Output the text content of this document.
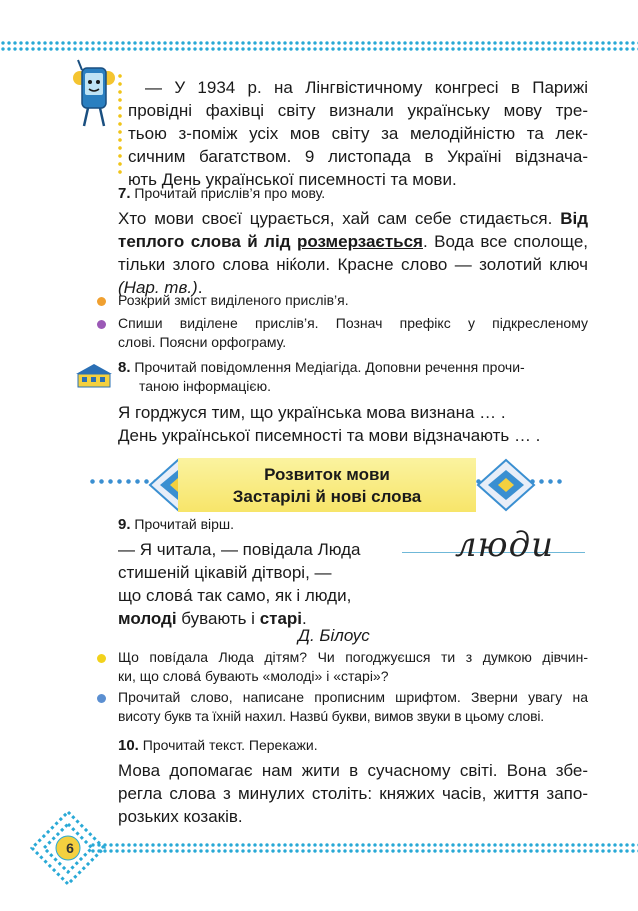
— У 1934 р. на Лінгвістичному конгресі в Парижі
провідні фахівці світу визнали українську мову тре-
тьою з-поміж усіх мов світу за мелодійністю та лек-
сичним багатством. 9 листопада в Україні відзнача-
ють День української писемності та мови.
7. Прочитай прислів’я про мову.
Хто мови своєї цурається, хай сам себе стидається. Від
теплого слова й лід розмерзається. Вода все сполоще,
тільки злого слова ніќоли. Красне слово — золотий ключ
(Нар. тв.).
Розкрий зміст виділеного прислів’я.
Спиши виділене прислів’я. Познач префікс у підкресленому
слові. Поясни орфограму.
8. Прочитай повідомлення Медіагіда. Доповни речення прочи-
таною інформацією.
Я горджуся тим, що українська мова визнана … .
День української писемності та мови відзначають … .
Розвиток мови
Застарілі й нові слова
9. Прочитай вірш.
— Я читала, — повідала Люда
стишеній цікавій дітворі, —
що словá так само, як і люди,
молоді бувають і старі.
Д. Білоус
люди
Що повíдала Люда дітям? Чи погоджуєшся ти з думкою дівчин-
ки, що словá бувають «молоді» і «старі»?
Прочитай слово, написане прописним шрифтом. Зверни увагу на
висоту букв та їхній нахил. Назвú букви, вимов звуки в цьому слові.
10. Прочитай текст. Перекажи.
Мова допомагає нам жити в сучасному світі. Вона збе-
регла слова з минулих століть: княжих часів, життя запо-
розьких козаків.
6
